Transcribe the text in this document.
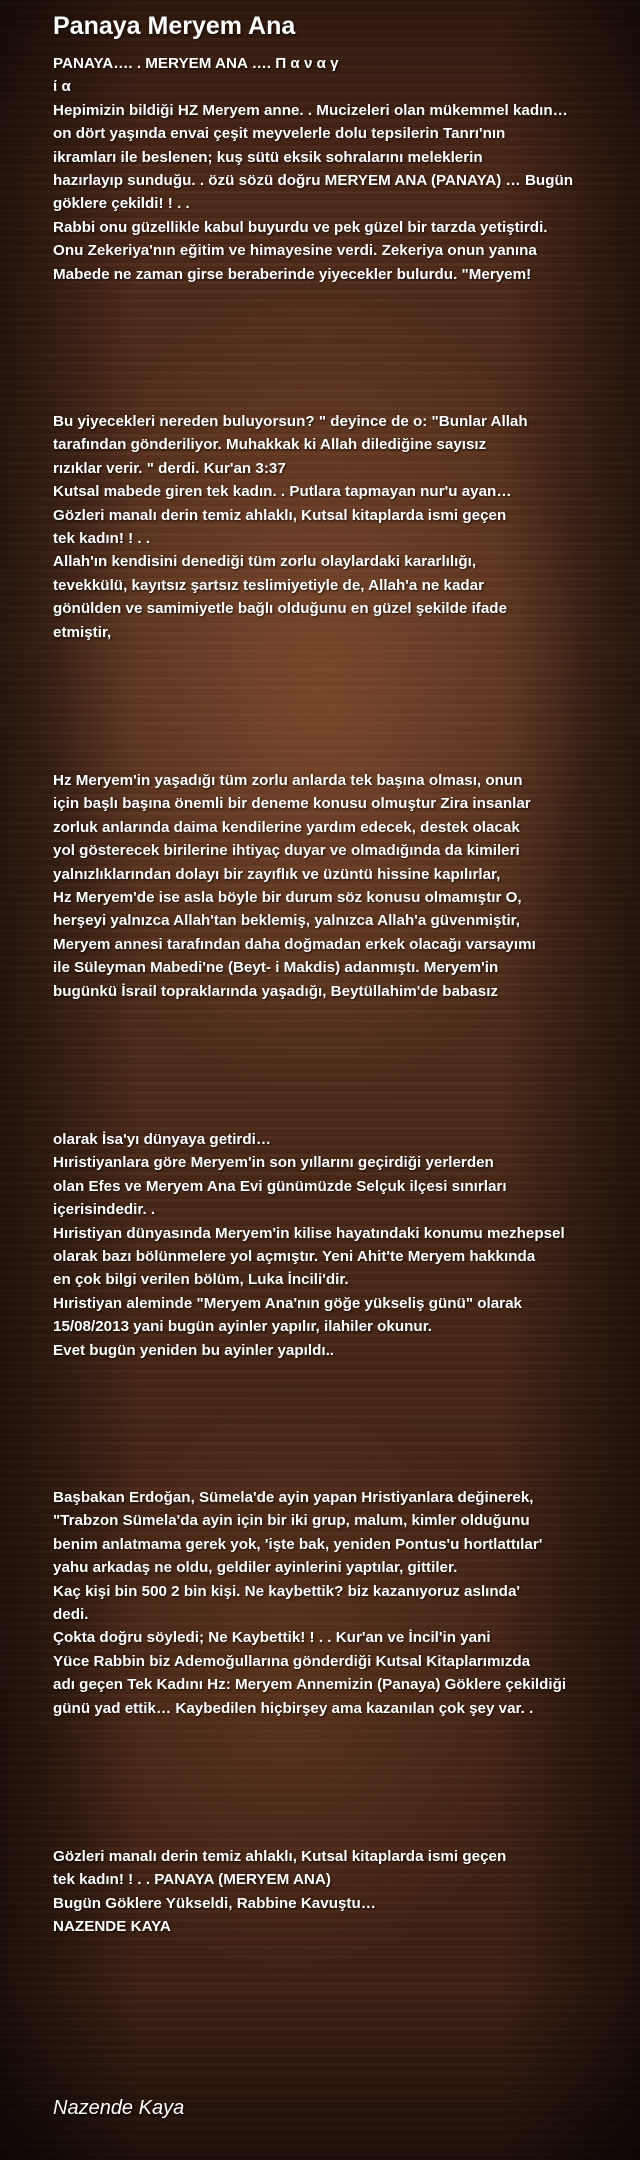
Panaya Meryem Ana

PANAYA…. . MERYEM ANA …. Π α ν α γ
ί α
Hepimizin bildiği HZ Meryem anne. . Mucizeleri olan mükemmel kadın…
on dört yaşında envai çeşit meyvelerle dolu tepsilerin Tanrı'nın
ikramları ile beslenen; kuş sütü eksik sohralarını meleklerin
hazırlayıp sunduğu. . özü sözü doğru MERYEM ANA (PANAYA) … Bugün
göklere çekildi! ! . .
Rabbi onu güzellikle kabul buyurdu ve pek güzel bir tarzda yetiştirdi.
Onu Zekeriya'nın eğitim ve himayesine verdi. Zekeriya onun yanına
Mabede ne zaman girse beraberinde yiyecekler bulurdu. "Meryem!

Bu yiyecekleri nereden buluyorsun? " deyince de o: "Bunlar Allah
tarafından gönderiliyor. Muhakkak ki Allah dilediğine sayısız
rızıklar verir. " derdi. Kur'an 3:37
Kutsal mabede giren tek kadın. . Putlara tapmayan nur'u ayan…
Gözleri manalı derin temiz ahlaklı, Kutsal kitaplarda ismi geçen
tek kadın! ! . .
Allah'ın kendisini denediği tüm zorlu olaylardaki kararlılığı,
tevekkülü, kayıtsız şartsız teslimiyetiyle de, Allah'a ne kadar
gönülden ve samimiyetle bağlı olduğunu en güzel şekilde ifade
etmiştir,

Hz Meryem'in yaşadığı tüm zorlu anlarda tek başına olması, onun
için başlı başına önemli bir deneme konusu olmuştur Zira insanlar
zorluk anlarında daima kendilerine yardım edecek, destek olacak
yol gösterecek birilerine ihtiyaç duyar ve olmadığında da kimileri
yalnızlıklarından dolayı bir zayıflık ve üzüntü hissine kapılırlar,
Hz Meryem'de ise asla böyle bir durum söz konusu olmamıştır O,
herşeyi yalnızca Allah'tan beklemiş, yalnızca Allah'a güvenmiştir,
Meryem annesi tarafından daha doğmadan erkek olacağı varsayımı
ile Süleyman Mabedi'ne (Beyt- i Makdis) adanmıştı. Meryem'in
bugünkü İsrail topraklarında yaşadığı, Beytüllahim'de babasız

olarak İsa'yı dünyaya getirdi…
Hıristiyanlara göre Meryem'in son yıllarını geçirdiği yerlerden
olan Efes ve Meryem Ana Evi günümüzde Selçuk ilçesi sınırları
içerisindedir. .
Hıristiyan dünyasında Meryem'in kilise hayatındaki konumu mezhepsel
olarak bazı bölünmelere yol açmıştır. Yeni Ahit'te Meryem hakkında
en çok bilgi verilen bölüm, Luka İncili'dir.
Hıristiyan aleminde "Meryem Ana'nın göğe yükseliş günü" olarak
15/08/2013 yani bugün ayinler yapılır, ilahiler okunur.
Evet bugün yeniden bu ayinler yapıldı..

Başbakan Erdoğan, Sümela'de ayin yapan Hristiyanlara değinerek,
"Trabzon Sümela'da ayin için bir iki grup, malum, kimler olduğunu
benim anlatmama gerek yok, 'işte bak, yeniden Pontus'u hortlattılar'
yahu arkadaş ne oldu, geldiler ayinlerini yaptılar, gittiler.
Kaç kişi bin 500 2 bin kişi. Ne kaybettik? biz kazanıyoruz aslında'
dedi.
Çokta doğru söyledi; Ne Kaybettik! ! . . Kur'an ve İncil'in yani
Yüce Rabbin biz Ademoğullarına gönderdiği Kutsal Kitaplarımızda
adı geçen Tek Kadını Hz: Meryem Annemizin (Panaya) Göklere çekildiği
günü yad ettik… Kaybedilen hiçbirşey ama kazanılan çok şey var. .

Gözleri manalı derin temiz ahlaklı, Kutsal kitaplarda ismi geçen
tek kadın! ! . . PANAYA (MERYEM ANA)
Bugün Göklere Yükseldi, Rabbine Kavuştu…
NAZENDE KAYA

Nazende Kaya
